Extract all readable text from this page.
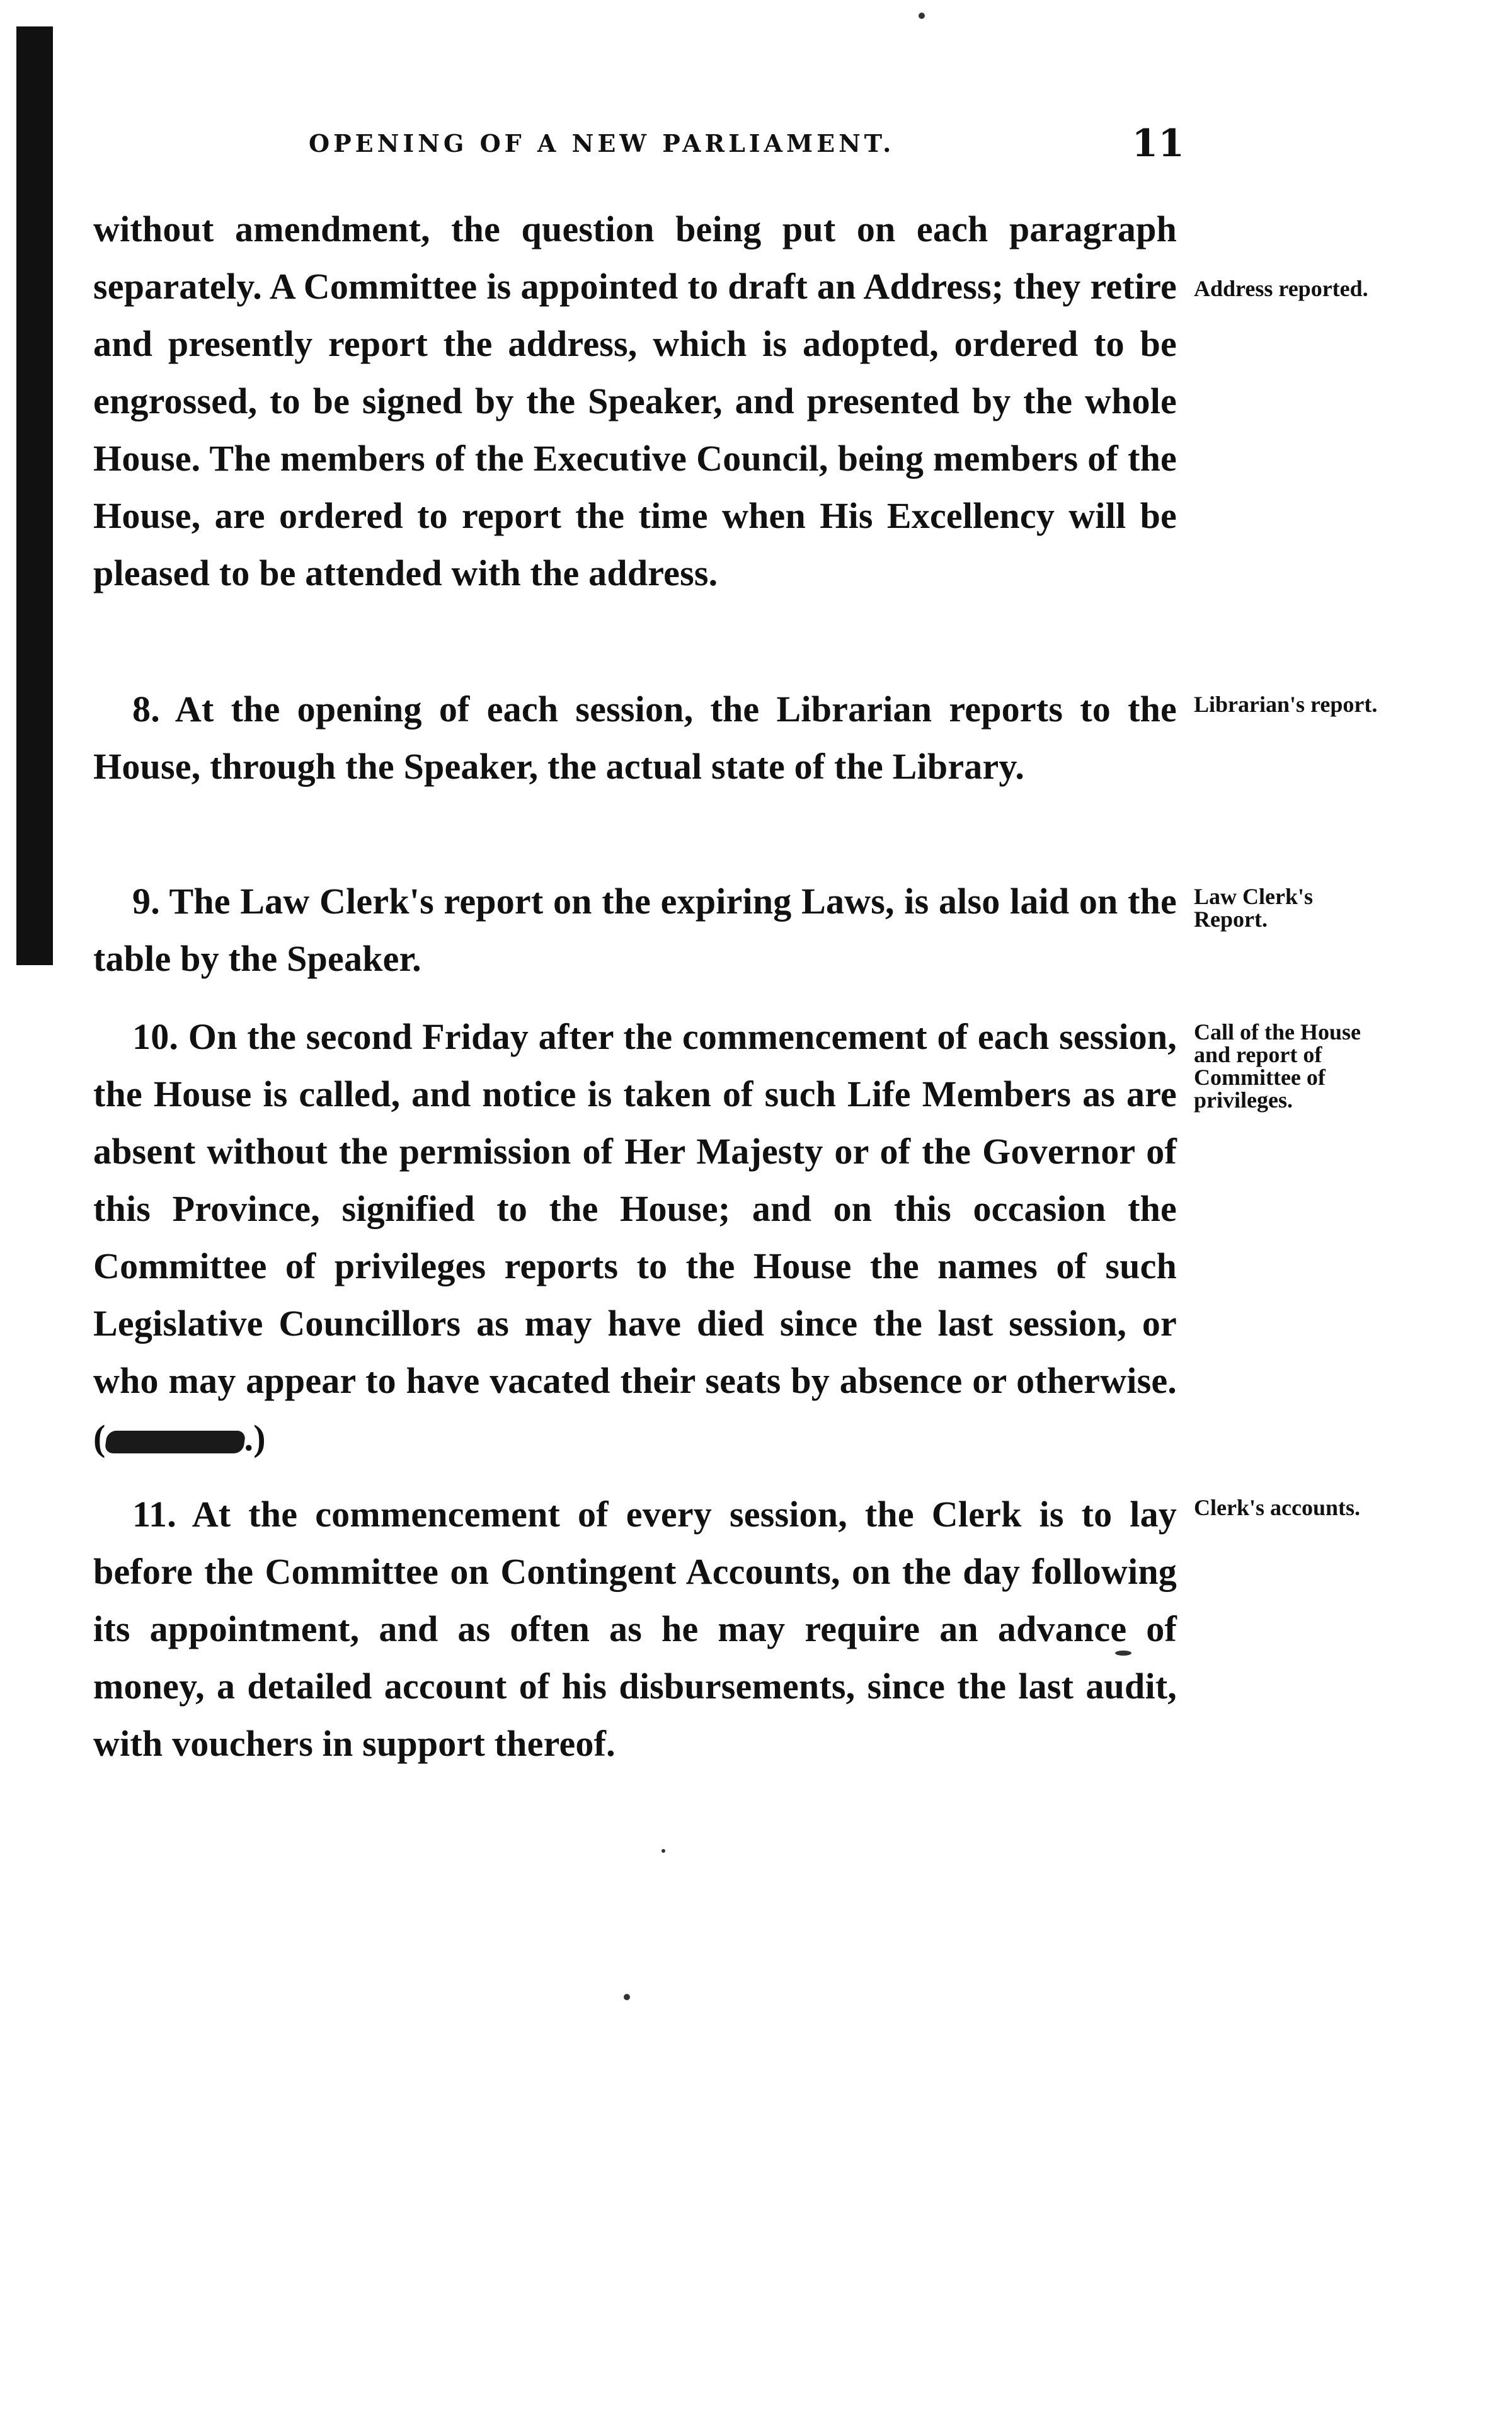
OPENING OF A NEW PARLIAMENT.	11
without amendment, the question being put on each paragraph separately. A Committee is appointed to draft an Address; they retire and presently report the address, which is adopted, ordered to be engrossed, to be signed by the Speaker, and presented by the whole House. The members of the Executive Council, being members of the House, are ordered to report the time when His Excellency will be pleased to be attended with the address.
Address reported.
8. At the opening of each session, the Librarian reports to the House, through the Speaker, the actual state of the Library.
Librarian's report.
9. The Law Clerk's report on the expiring Laws, is also laid on the table by the Speaker.
Law Clerk's Report.
10. On the second Friday after the commencement of each session, the House is called, and notice is taken of such Life Members as are absent without the permission of Her Majesty or of the Governor of this Province, signified to the House; and on this occasion the Committee of privileges reports to the House the names of such Legislative Councillors as may have died since the last session, or who may appear to have vacated their seats by absence or otherwise. (	.)
Call of the House and report of Committee of privileges.
11. At the commencement of every session, the Clerk is to lay before the Committee on Contingent Accounts, on the day following its appointment, and as often as he may require an advance of money, a detailed account of his disbursements, since the last audit, with vouchers in support thereof.
Clerk's accounts.
